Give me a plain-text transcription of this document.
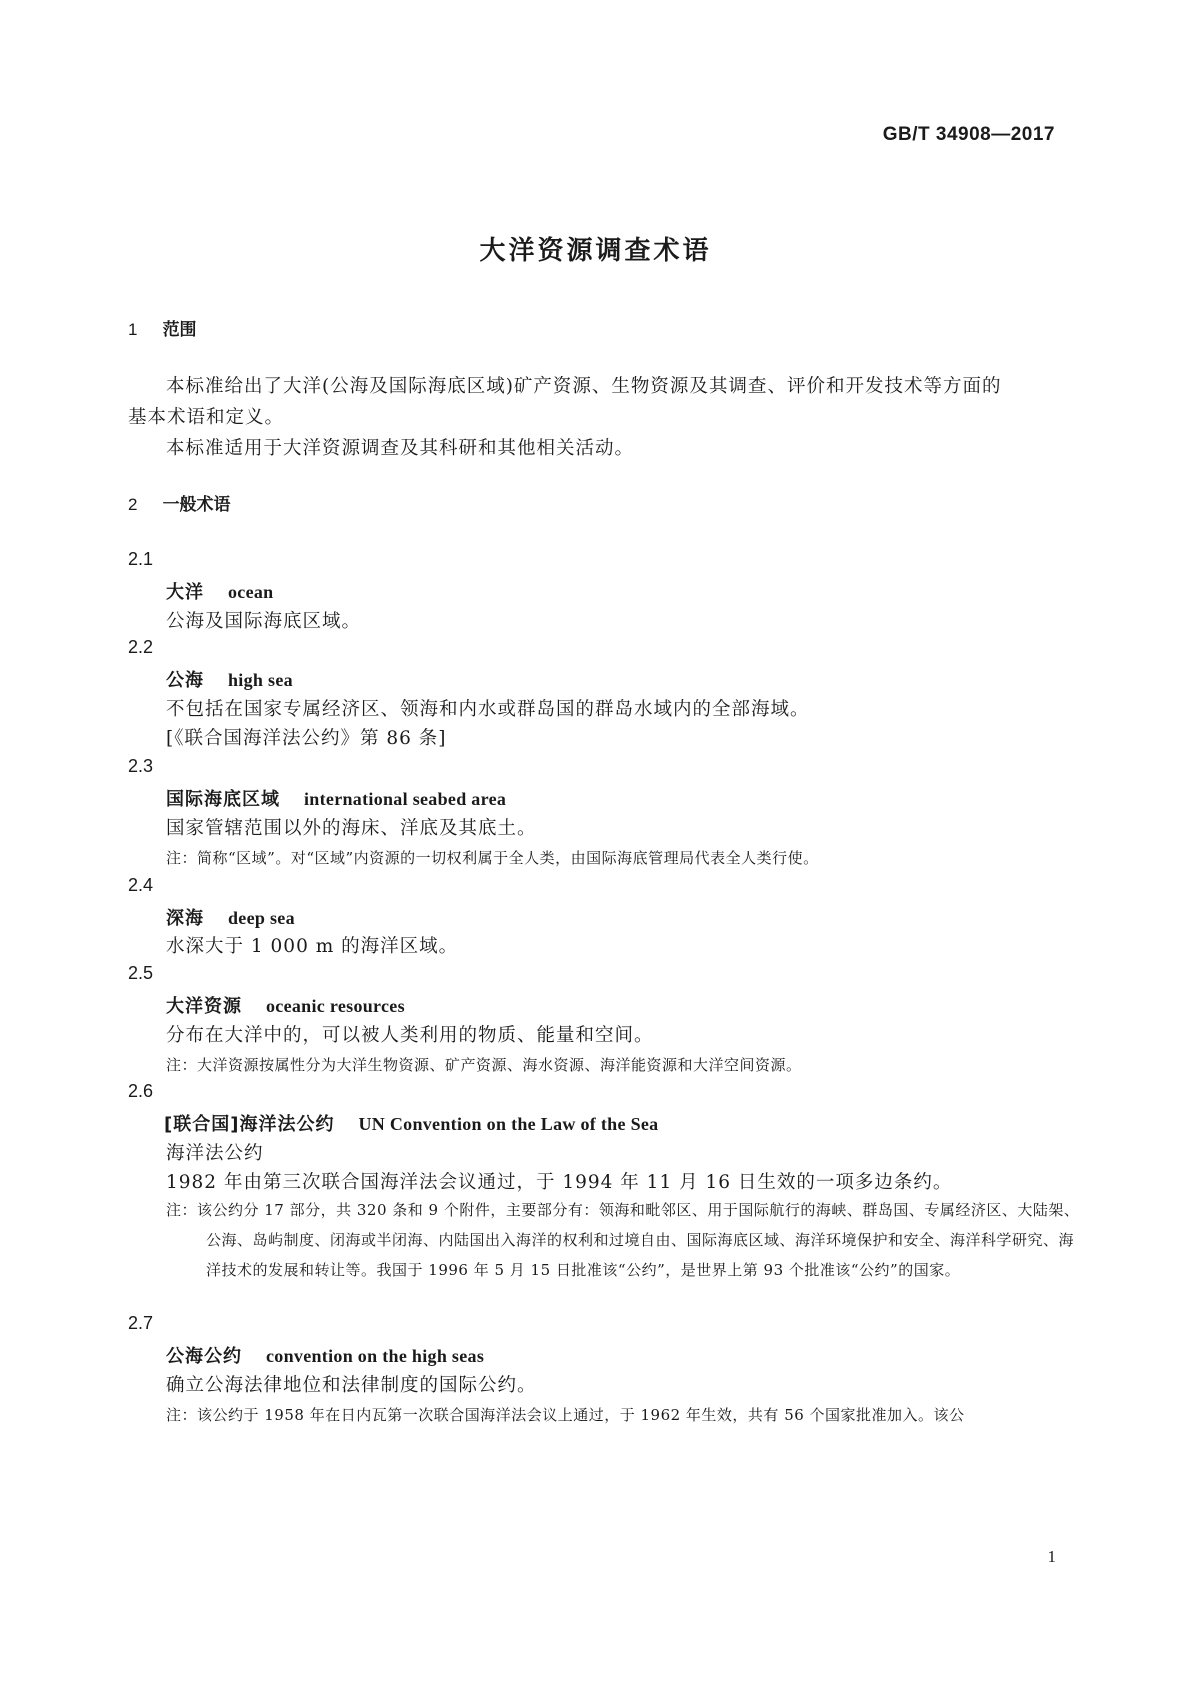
GB/T 34908—2017
大洋资源调查术语
1 范围
本标准给出了大洋(公海及国际海底区域)矿产资源、生物资源及其调查、评价和开发技术等方面的
基本术语和定义。
本标准适用于大洋资源调查及其科研和其他相关活动。
2 一般术语
2.1
大洋 ocean
公海及国际海底区域。
2.2
公海 high sea
不包括在国家专属经济区、领海和内水或群岛国的群岛水域内的全部海域。
[《联合国海洋法公约》第 86 条]
2.3
国际海底区域 international seabed area
国家管辖范围以外的海床、洋底及其底土。
注：简称“区域”。对“区域”内资源的一切权利属于全人类，由国际海底管理局代表全人类行使。
2.4
深海 deep sea
水深大于 1 000 m 的海洋区域。
2.5
大洋资源 oceanic resources
分布在大洋中的，可以被人类利用的物质、能量和空间。
注：大洋资源按属性分为大洋生物资源、矿产资源、海水资源、海洋能资源和大洋空间资源。
2.6
[联合国]海洋法公约 UN Convention on the Law of the Sea
海洋法公约
1982 年由第三次联合国海洋法会议通过，于 1994 年 11 月 16 日生效的一项多边条约。
注：该公约分 17 部分，共 320 条和 9 个附件，主要部分有：领海和毗邻区、用于国际航行的海峡、群岛国、专属经济区、大陆架、公海、岛屿制度、闭海或半闭海、内陆国出入海洋的权利和过境自由、国际海底区域、海洋环境保护和安全、海洋科学研究、海洋技术的发展和转让等。我国于 1996 年 5 月 15 日批准该“公约”，是世界上第 93 个批准该“公约”的国家。
2.7
公海公约 convention on the high seas
确立公海法律地位和法律制度的国际公约。
注：该公约于 1958 年在日内瓦第一次联合国海洋法会议上通过，于 1962 年生效，共有 56 个国家批准加入。该公
1
